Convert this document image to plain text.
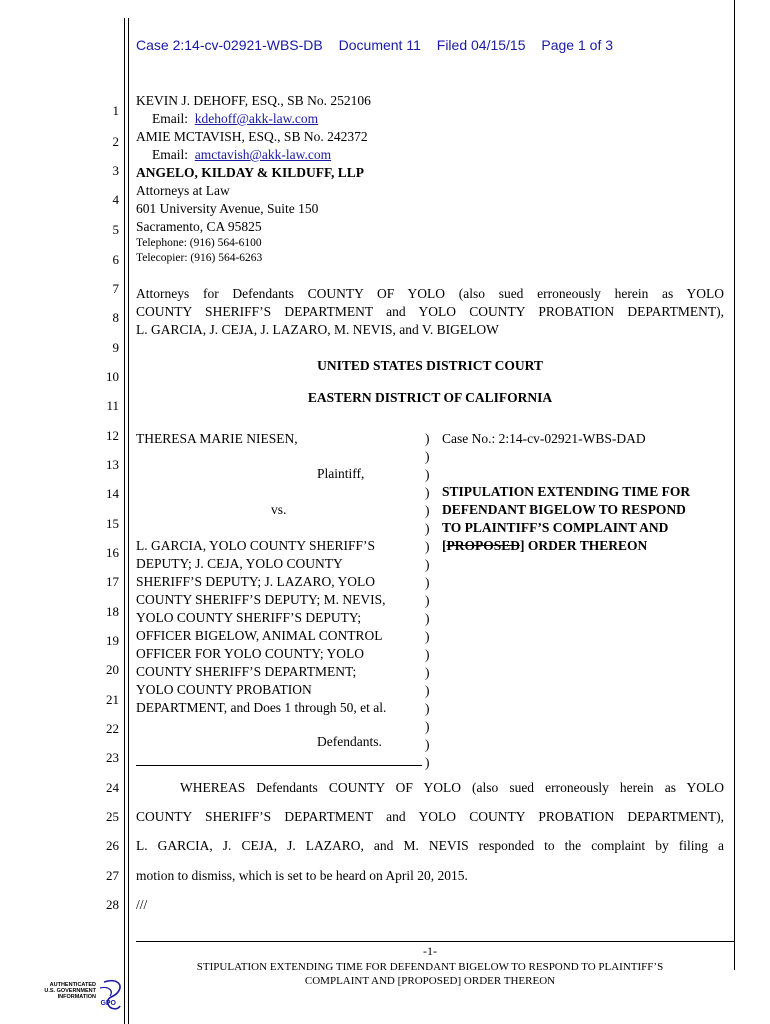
Case 2:14-cv-02921-WBS-DB Document 11 Filed 04/15/15 Page 1 of 3
1
2
3
4
5
6
7
8
9
10
11
12
13
14
15
16
17
18
19
20
21
22
23
24
25
26
27
28
KEVIN J. DEHOFF, ESQ., SB No. 252106
Email: kdehoff@akk-law.com
AMIE MCTAVISH, ESQ., SB No. 242372
Email: amctavish@akk-law.com
ANGELO, KILDAY & KILDUFF, LLP
Attorneys at Law
601 University Avenue, Suite 150
Sacramento, CA 95825
Telephone: (916) 564-6100
Telecopier: (916) 564-6263
Attorneys for Defendants COUNTY OF YOLO (also sued erroneously herein as YOLO
COUNTY SHERIFF’S DEPARTMENT and YOLO COUNTY PROBATION DEPARTMENT),
L. GARCIA, J. CEJA, J. LAZARO, M. NEVIS, and V. BIGELOW
UNITED STATES DISTRICT COURT
EASTERN DISTRICT OF CALIFORNIA
THERESA MARIE NIESEN,
Plaintiff,
vs.
L. GARCIA, YOLO COUNTY SHERIFF’S
DEPUTY; J. CEJA, YOLO COUNTY
SHERIFF’S DEPUTY; J. LAZARO, YOLO
COUNTY SHERIFF’S DEPUTY; M. NEVIS,
YOLO COUNTY SHERIFF’S DEPUTY;
OFFICER BIGELOW, ANIMAL CONTROL
OFFICER FOR YOLO COUNTY; YOLO
COUNTY SHERIFF’S DEPARTMENT;
YOLO COUNTY PROBATION
DEPARTMENT, and Does 1 through 50, et al.
Defendants.
)
)
)
)
)
)
)
)
)
)
)
)
)
)
)
)
)
)
)
Case No.: 2:14-cv-02921-WBS-DAD
STIPULATION EXTENDING TIME FOR
DEFENDANT BIGELOW TO RESPOND
TO PLAINTIFF’S COMPLAINT AND
[PROPOSED] ORDER THEREON
WHEREAS Defendants COUNTY OF YOLO (also sued erroneously herein as YOLO
COUNTY SHERIFF’S DEPARTMENT and YOLO COUNTY PROBATION DEPARTMENT),
L. GARCIA, J. CEJA, J. LAZARO, and M. NEVIS responded to the complaint by filing a
motion to dismiss, which is set to be heard on April 20, 2015.
///
-1-
STIPULATION EXTENDING TIME FOR DEFENDANT BIGELOW TO RESPOND TO PLAINTIFF’S
COMPLAINT AND [PROPOSED] ORDER THEREON
AUTHENTICATED
U.S. GOVERNMENT
INFORMATION
GPO
